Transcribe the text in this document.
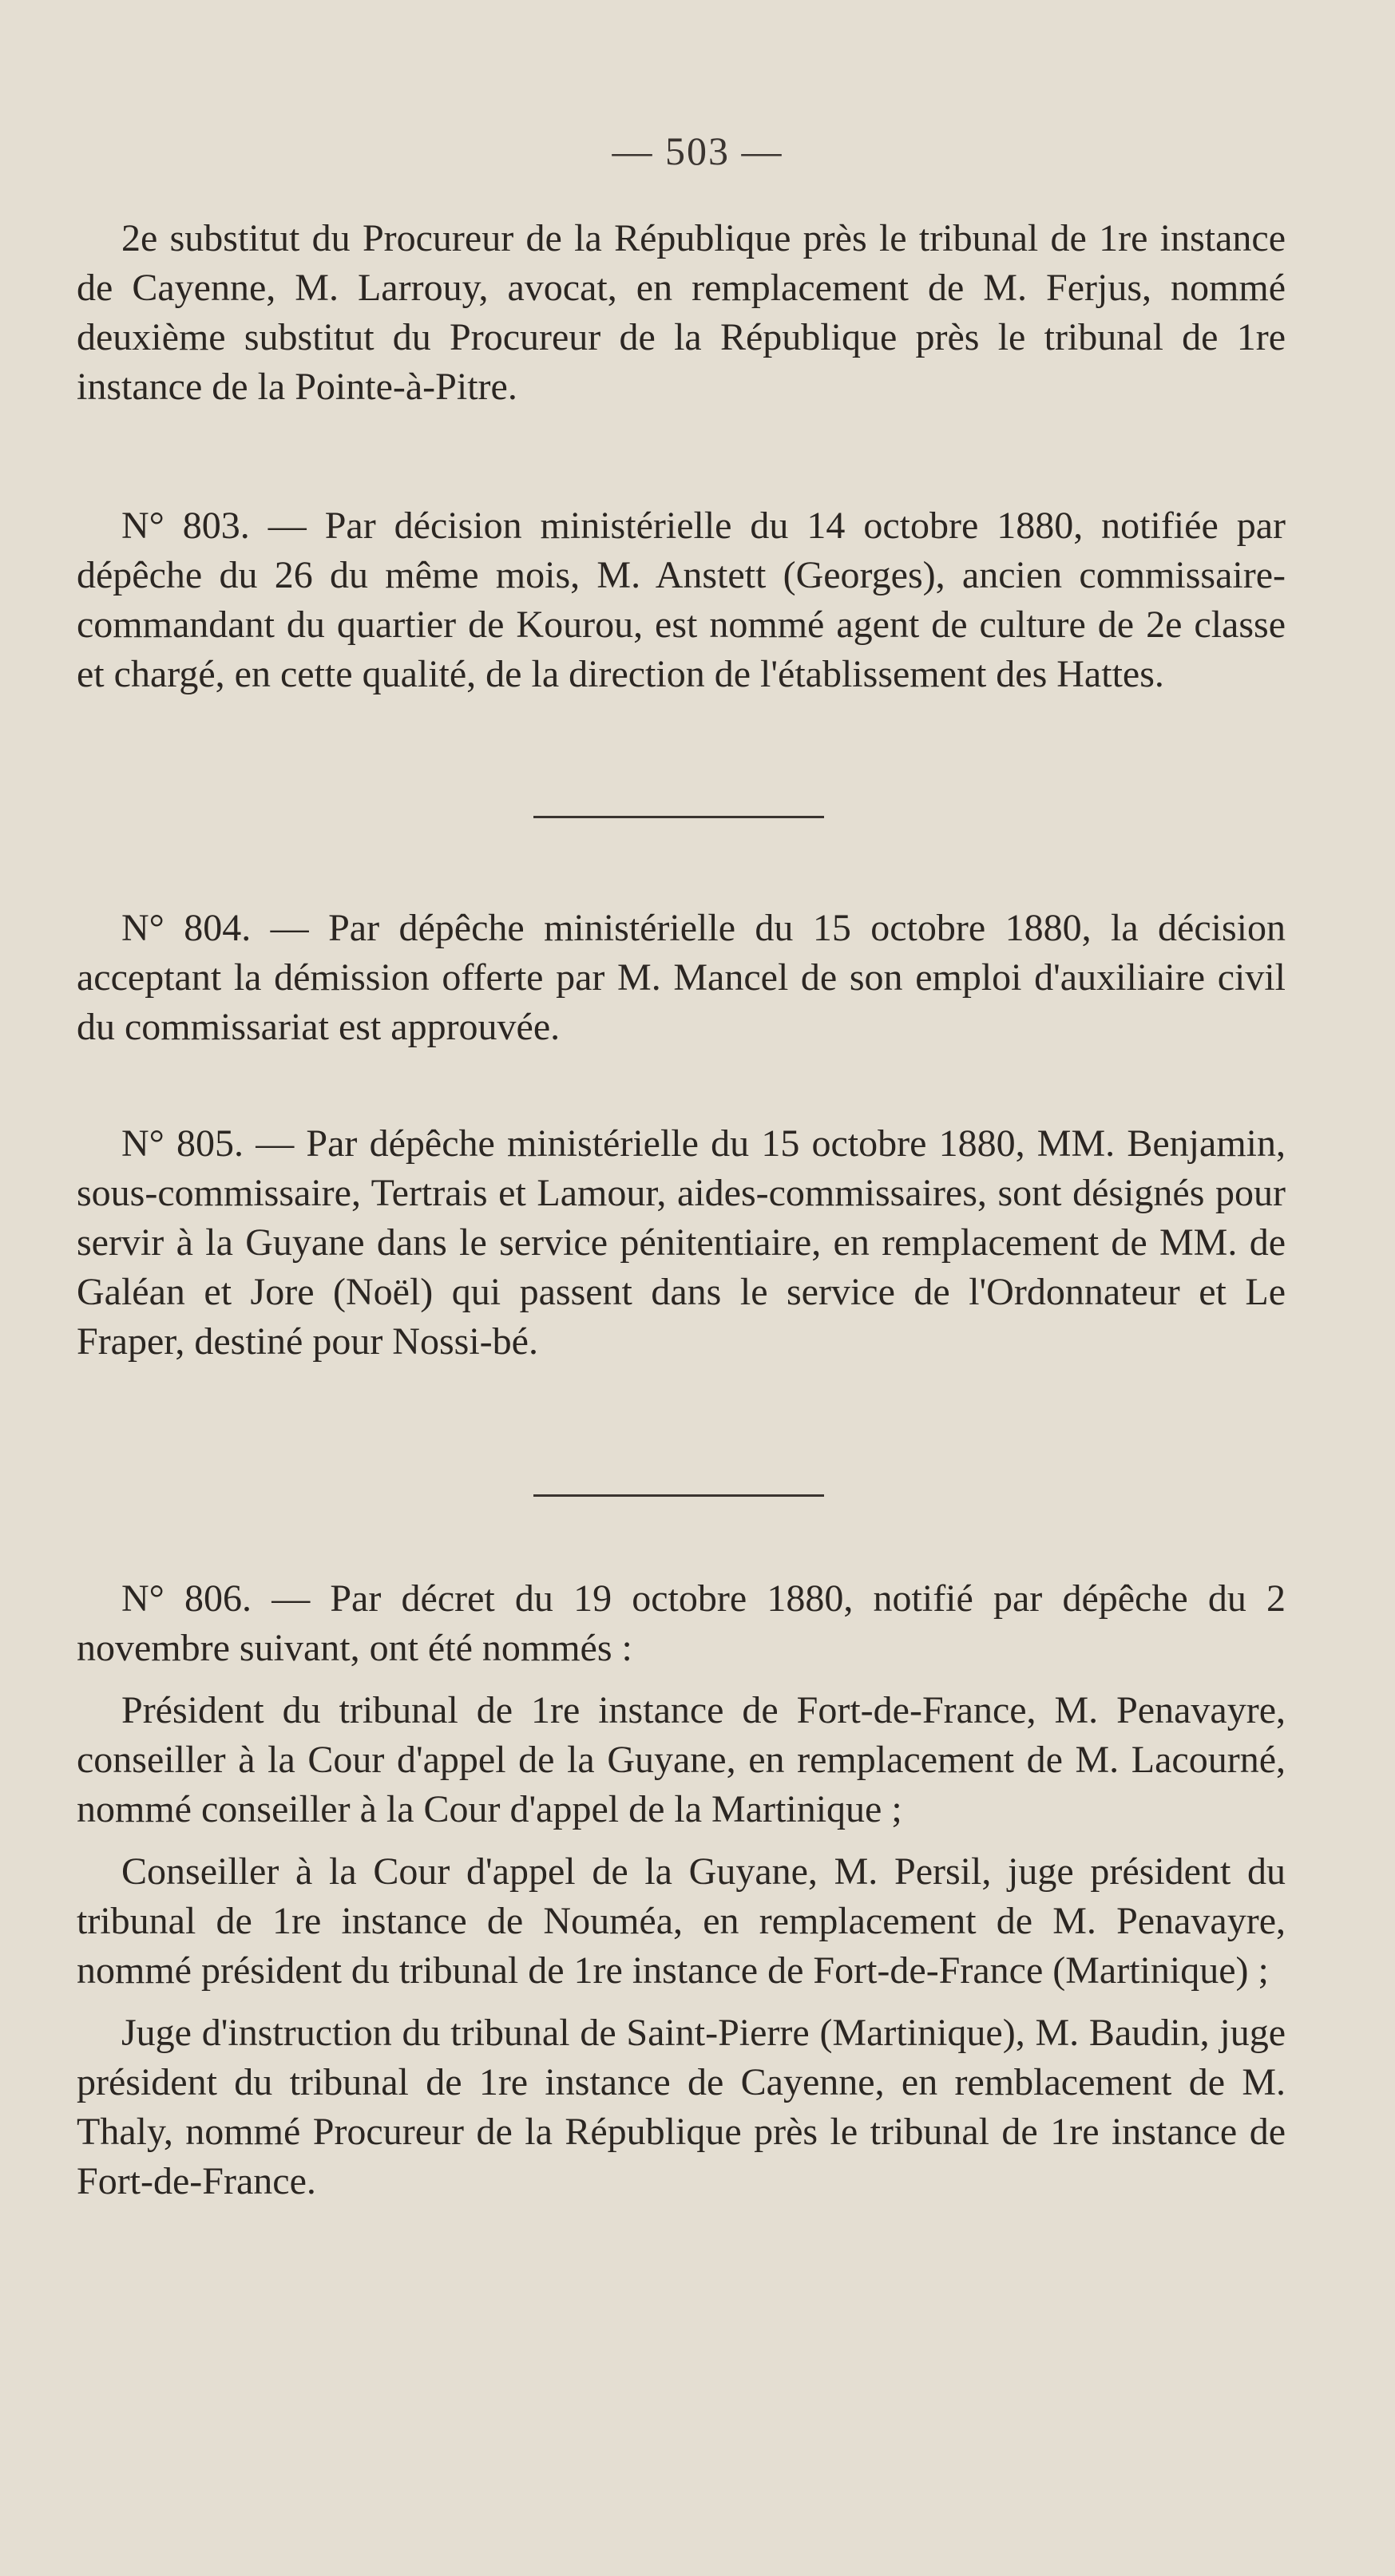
— 503 —

2e substitut du Procureur de la République près le tribunal de 1re instance de Cayenne, M. Larrouy, avocat, en remplacement de M. Ferjus, nommé deuxième substitut du Procureur de la République près le tribunal de 1re instance de la Pointe-à-Pitre.

N° 803. — Par décision ministérielle du 14 octobre 1880, notifiée par dépêche du 26 du même mois, M. Anstett (Georges), ancien commissaire-commandant du quartier de Kourou, est nommé agent de culture de 2e classe et chargé, en cette qualité, de la direction de l'établissement des Hattes.

N° 804. — Par dépêche ministérielle du 15 octobre 1880, la décision acceptant la démission offerte par M. Mancel de son emploi d'auxiliaire civil du commissariat est approuvée.

N° 805. — Par dépêche ministérielle du 15 octobre 1880, MM. Benjamin, sous-commissaire, Tertrais et Lamour, aides-commissaires, sont désignés pour servir à la Guyane dans le service pénitentiaire, en remplacement de MM. de Galéan et Jore (Noël) qui passent dans le service de l'Ordonnateur et Le Fraper, destiné pour Nossi-bé.

N° 806. — Par décret du 19 octobre 1880, notifié par dépêche du 2 novembre suivant, ont été nommés :

Président du tribunal de 1re instance de Fort-de-France, M. Penavayre, conseiller à la Cour d'appel de la Guyane, en remplacement de M. Lacourné, nommé conseiller à la Cour d'appel de la Martinique ;

Conseiller à la Cour d'appel de la Guyane, M. Persil, juge président du tribunal de 1re instance de Nouméa, en remplacement de M. Penavayre, nommé président du tribunal de 1re instance de Fort-de-France (Martinique) ;

Juge d'instruction du tribunal de Saint-Pierre (Martinique), M. Baudin, juge président du tribunal de 1re instance de Cayenne, en remblacement de M. Thaly, nommé Procureur de la République près le tribunal de 1re instance de Fort-de-France.
